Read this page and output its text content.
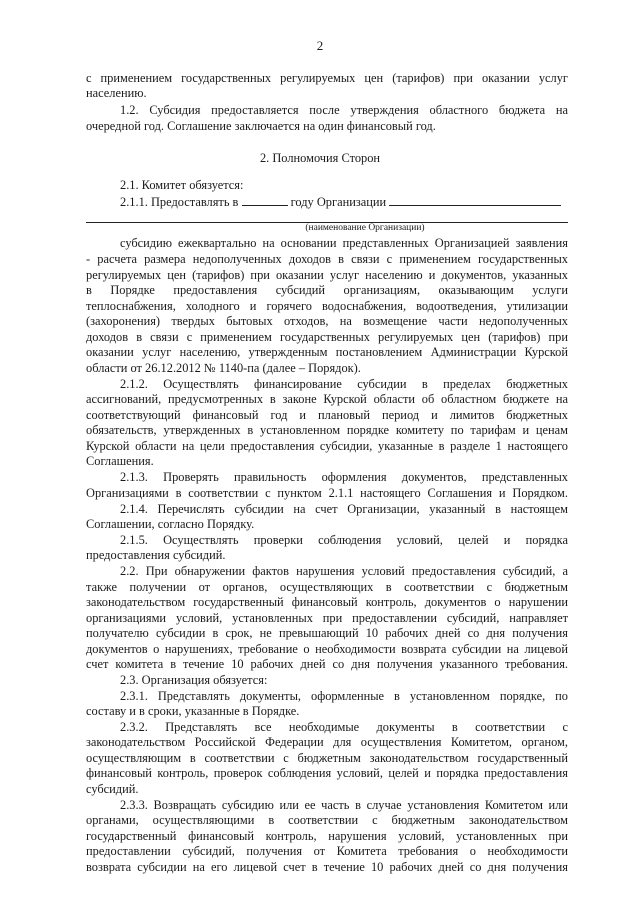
2
с применением государственных регулируемых цен (тарифов) при оказании услуг
населению.
1.2. Субсидия предоставляется после утверждения областного бюджета на
очередной год. Соглашение заключается на один финансовый год.
2. Полномочия Сторон
2.1. Комитет обязуется:
2.1.1. Предоставлять в	году Организации
(наименование Организации)
субсидию ежеквартально на основании представленных Организацией заявления
- расчета размера недополученных доходов в связи с применением государственных
регулируемых цен (тарифов) при оказании услуг населению и документов, указанных
в Порядке предоставления субсидий организациям, оказывающим услуги
теплоснабжения, холодного и горячего водоснабжения, водоотведения, утилизации
(захоронения) твердых бытовых отходов, на возмещение части недополученных
доходов в связи с применением государственных регулируемых цен (тарифов) при
оказании услуг населению, утвержденным постановлением Администрации Курской
области от 26.12.2012 № 1140-па (далее – Порядок).
2.1.2. Осуществлять финансирование субсидии в пределах бюджетных
ассигнований, предусмотренных в законе Курской области об областном бюджете на
соответствующий финансовый год и плановый период и лимитов бюджетных
обязательств, утвержденных в установленном порядке комитету по тарифам и ценам
Курской области на цели предоставления субсидии, указанные в разделе 1 настоящего
Соглашения.
2.1.3. Проверять правильность оформления документов, представленных
Организациями в соответствии с пунктом 2.1.1 настоящего Соглашения и Порядком.
2.1.4. Перечислять субсидии на счет Организации, указанный в настоящем
Соглашении, согласно Порядку.
2.1.5. Осуществлять проверки соблюдения условий, целей и порядка
предоставления субсидий.
2.2. При обнаружении фактов нарушения условий предоставления субсидий, а
также получении от органов, осуществляющих в соответствии с бюджетным
законодательством государственный финансовый контроль, документов о нарушении
организациями условий, установленных при предоставлении субсидий, направляет
получателю субсидии в срок, не превышающий 10 рабочих дней со дня получения
документов о нарушениях, требование о необходимости возврата субсидии на лицевой
счет комитета в течение 10 рабочих дней со дня получения указанного требования.
2.3. Организация обязуется:
2.3.1. Представлять документы, оформленные в установленном порядке, по
составу и в сроки, указанные в Порядке.
2.3.2. Представлять все необходимые документы в соответствии с
законодательством Российской Федерации для осуществления Комитетом, органом,
осуществляющим в соответствии с бюджетным законодательством государственный
финансовый контроль, проверок соблюдения условий, целей и порядка предоставления
субсидий.
2.3.3. Возвращать субсидию или ее часть в случае установления Комитетом или
органами, осуществляющими в соответствии с бюджетным законодательством
государственный финансовый контроль, нарушения условий, установленных при
предоставлении субсидий, получения от Комитета требования о необходимости
возврата субсидии на его лицевой счет в течение 10 рабочих дней со дня получения
